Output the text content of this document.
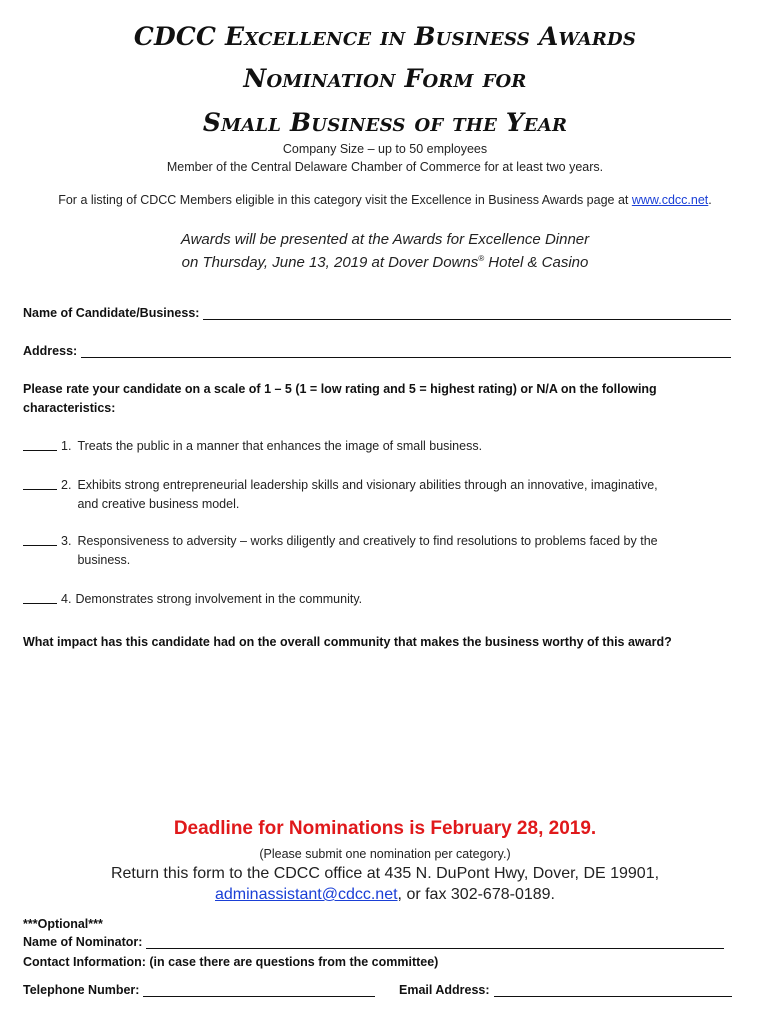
CDCC Excellence in Business Awards
Nomination Form for
Small Business of the Year
Company Size – up to 50 employees
Member of the Central Delaware Chamber of Commerce for at least two years.
For a listing of CDCC Members eligible in this category visit the Excellence in Business Awards page at www.cdcc.net.
Awards will be presented at the Awards for Excellence Dinner
on Thursday, June 13, 2019 at Dover Downs® Hotel & Casino
Name of Candidate/Business:
Address:
Please rate your candidate on a scale of 1 – 5 (1 = low rating and 5 = highest rating) or N/A on the following characteristics:
1. Treats the public in a manner that enhances the image of small business.
2. Exhibits strong entrepreneurial leadership skills and visionary abilities through an innovative, imaginative, and creative business model.
3. Responsiveness to adversity – works diligently and creatively to find resolutions to problems faced by the business.
4. Demonstrates strong involvement in the community.
What impact has this candidate had on the overall community that makes the business worthy of this award?
Deadline for Nominations is February 28, 2019.
(Please submit one nomination per category.)
Return this form to the CDCC office at 435 N. DuPont Hwy, Dover, DE 19901,
adminassistant@cdcc.net, or fax 302-678-0189.
***Optional***
Name of Nominator:
Contact Information: (in case there are questions from the committee)
Telephone Number:	Email Address:
